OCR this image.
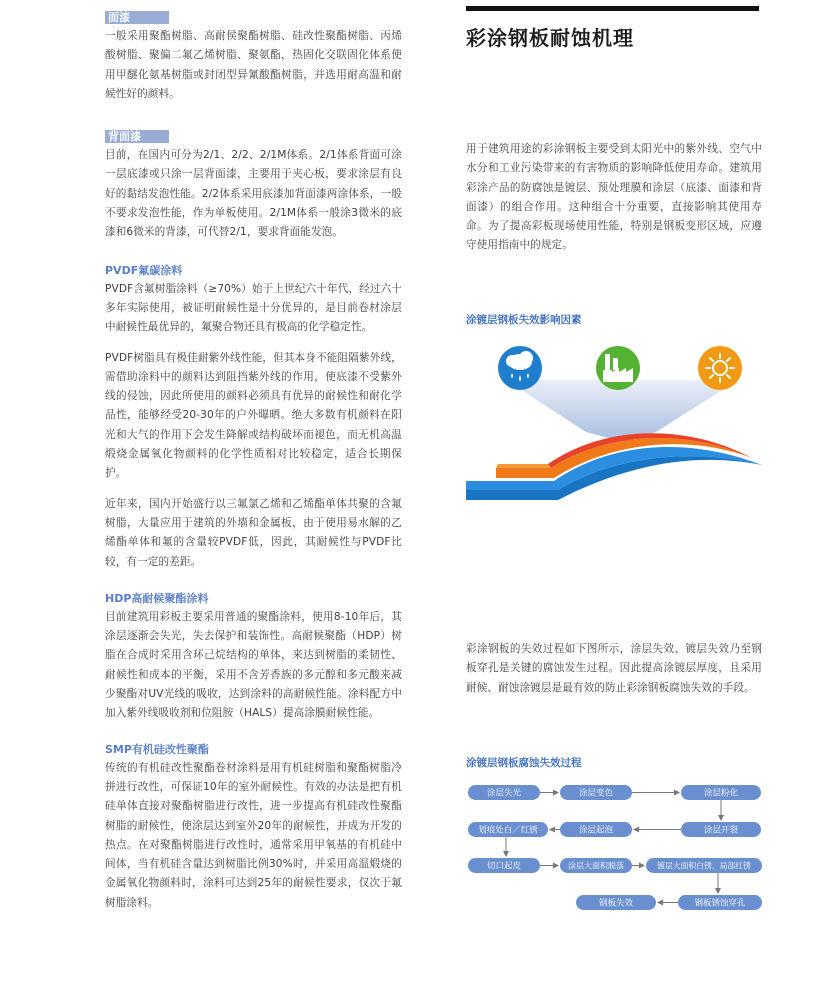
面漆

一般采用聚酯树脂、高耐侯聚酯树脂、硅改性聚酯树脂、丙烯酸树脂、聚偏二氟乙烯树脂、聚氨酯，热固化交联固化体系使用甲醚化氨基树脂或封闭型异氰酸酯树脂，并选用耐高温和耐候性好的颜料。

背面漆

目前，在国内可分为2/1、2/2、2/1M体系。2/1体系背面可涂一层底漆或只涂一层背面漆，主要用于夹心板，要求涂层有良好的黏结发泡性能。2/2体系采用底漆加背面漆两涂体系，一般不要求发泡性能，作为单板使用。2/1M体系一般涂3微米的底漆和6微米的背漆，可代替2/1，要求背面能发泡。

PVDF氟碳涂料

PVDF含氟树脂涂料（≥70%）始于上世纪六十年代，经过六十多年实际使用，被证明耐候性是十分优异的，是目前卷材涂层中耐候性最优异的，氟聚合物还具有极高的化学稳定性。

PVDF树脂具有极佳耐紫外线性能，但其本身不能阻隔紫外线，需借助涂料中的颜料达到阻挡紫外线的作用，使底漆不受紫外线的侵蚀，因此所使用的颜料必须具有优异的耐候性和耐化学品性，能够经受20-30年的户外曝晒。绝大多数有机颜料在阳光和大气的作用下会发生降解或结构破坏而褪色，而无机高温煅烧金属氧化物颜料的化学性质相对比较稳定，适合长期保护。

近年来，国内开始盛行以三氟氯乙烯和乙烯酯单体共聚的含氟树脂，大量应用于建筑的外墙和金属板，由于使用易水解的乙烯酯单体和氟的含量较PVDF低，因此，其耐候性与PVDF比较，有一定的差距。

HDP高耐候聚酯涂料

目前建筑用彩板主要采用普通的聚酯涂料，使用8-10年后，其涂层逐渐会失光，失去保护和装饰性。高耐候聚酯（HDP）树脂在合成时采用含环己烷结构的单体，来达到树脂的柔韧性、耐候性和成本的平衡，采用不含芳香族的多元醇和多元酸来减少聚酯对UV光线的吸收，达到涂料的高耐候性能。涂料配方中加入紫外线吸收剂和位阻胺（HALS）提高涂膜耐候性能。

SMP有机硅改性聚酯

传统的有机硅改性聚酯卷材涂料是用有机硅树脂和聚酯树脂冷拼进行改性，可保证10年的室外耐候性。有效的办法是把有机硅单体直接对聚酯树脂进行改性，进一步提高有机硅改性聚酯树脂的耐候性，使涂层达到室外20年的耐候性，并成为开发的热点。在对聚酯树脂进行改性时，通常采用甲氧基的有机硅中间体，当有机硅含量达到树脂比例30%时，并采用高温煅烧的金属氧化物颜料时，涂料可达到25年的耐候性要求，仅次于氟树脂涂料。

彩涂钢板耐蚀机理

用于建筑用途的彩涂钢板主要受到太阳光中的紫外线、空气中水分和工业污染带来的有害物质的影响降低使用寿命。建筑用彩涂产品的防腐蚀是镀层、预处理膜和涂层（底漆、面漆和背面漆）的组合作用。这种组合十分重要，直接影响其使用寿命。为了提高彩板现场使用性能，特别是钢板变形区域，应遵守使用指南中的规定。

涂镀层钢板失效影响因素

彩涂钢板的失效过程如下图所示，涂层失效、镀层失效乃至钢板穿孔是关键的腐蚀发生过程。因此提高涂镀层厚度，且采用耐候、耐蚀涂镀层是最有效的防止彩涂钢板腐蚀失效的手段。

涂镀层钢板腐蚀失效过程
涂层失光	涂层变色	涂层粉化
划痕处白／红锈	涂层起泡	涂层开裂
切口起皮	涂层大面积脱落	镀层大面积白锈、局部红锈
钢板失效	钢板锈蚀穿孔
